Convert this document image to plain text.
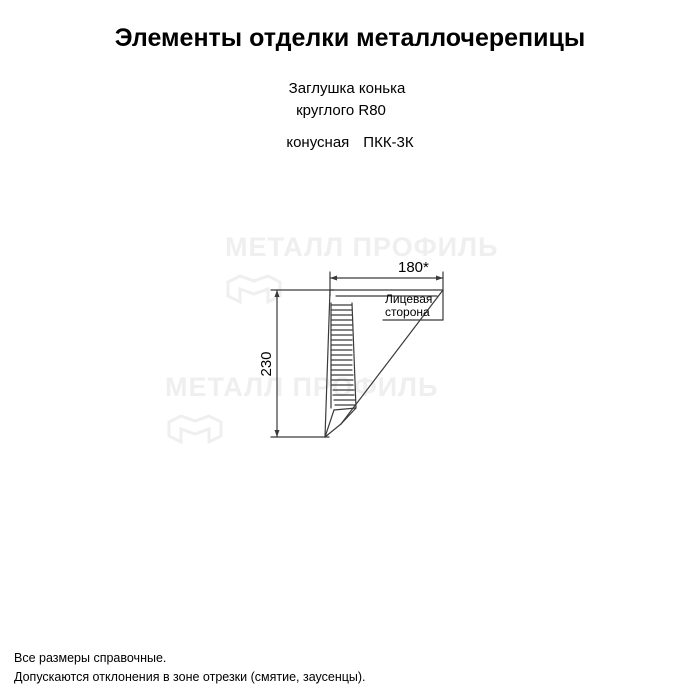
Элементы отделки металлочерепицы
Заглушка конька
круглого R80
конусная ПКК-3К
МЕТАЛЛ ПРОФИЛЬ
МЕТАЛЛ ПРОФИЛЬ
180*
230
Лицевая
сторона
Все размеры справочные.
Допускаются отклонения в зоне отрезки (смятие, заусенцы).
